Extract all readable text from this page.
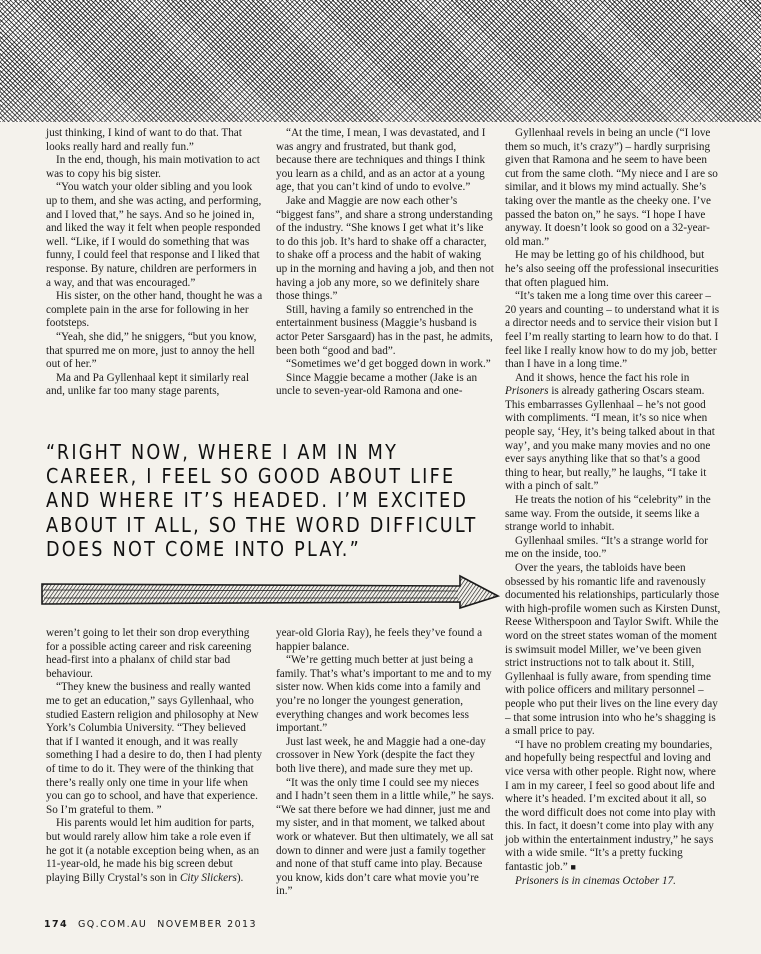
just thinking, I kind of want to do that. That looks really hard and really fun.”

In the end, though, his main motivation to act was to copy his big sister.

“You watch your older sibling and you look up to them, and she was acting, and performing, and I loved that,” he says. And so he joined in, and liked the way it felt when people responded well. “Like, if I would do something that was funny, I could feel that response and I liked that response. By nature, children are performers in a way, and that was encouraged.”

His sister, on the other hand, thought he was a complete pain in the arse for following in her footsteps.

“Yeah, she did,” he sniggers, “but you know, that spurred me on more, just to annoy the hell out of her.”

Ma and Pa Gyllenhaal kept it similarly real and, unlike far too many stage parents,

“At the time, I mean, I was devastated, and I was angry and frustrated, but thank god, because there are techniques and things I think you learn as a child, and as an actor at a young age, that you can’t kind of undo to evolve.”

Jake and Maggie are now each other’s “biggest fans”, and share a strong understanding of the industry. “She knows I get what it’s like to do this job. It’s hard to shake off a character, to shake off a process and the habit of waking up in the morning and having a job, and then not having a job any more, so we definitely share those things.”

Still, having a family so entrenched in the entertainment business (Maggie’s husband is actor Peter Sarsgaard) has in the past, he admits, been both “good and bad”.

“Sometimes we’d get bogged down in work.”

Since Maggie became a mother (Jake is an uncle to seven-year-old Ramona and one-

Gyllenhaal revels in being an uncle (“I love them so much, it’s crazy”) – hardly surprising given that Ramona and he seem to have been cut from the same cloth. “My niece and I are so similar, and it blows my mind actually. She’s taking over the mantle as the cheeky one. I’ve passed the baton on,” he says. “I hope I have anyway. It doesn’t look so good on a 32-year-old man.”

He may be letting go of his childhood, but he’s also seeing off the professional insecurities that often plagued him.

“It’s taken me a long time over this career – 20 years and counting – to understand what it is a director needs and to service their vision but I feel I’m really starting to learn how to do that. I feel like I really know how to do my job, better than I have in a long time.”

And it shows, hence the fact his role in Prisoners is already gathering Oscars steam. This embarrasses Gyllenhaal – he’s not good with compliments. “I mean, it’s so nice when people say, ‘Hey, it’s being talked about in that way’, and you make many movies and no one ever says anything like that so that’s a good thing to hear, but really,” he laughs, “I take it with a pinch of salt.”

He treats the notion of his “celebrity” in the same way. From the outside, it seems like a strange world to inhabit.

Gyllenhaal smiles. “It’s a strange world for me on the inside, too.”

Over the years, the tabloids have been obsessed by his romantic life and ravenously documented his relationships, particularly those with high-profile women such as Kirsten Dunst, Reese Witherspoon and Taylor Swift. While the word on the street states woman of the moment is swimsuit model Miller, we’ve been given strict instructions not to talk about it. Still, Gyllenhaal is fully aware, from spending time with police officers and military personnel – people who put their lives on the line every day – that some intrusion into who he’s shagging is a small price to pay.

“I have no problem creating my boundaries, and hopefully being respectful and loving and vice versa with other people. Right now, where I am in my career, I feel so good about life and where it’s headed. I’m excited about it all, so the word difficult does not come into play with this. In fact, it doesn’t come into play with any job within the entertainment industry,” he says with a wide smile. “It’s a pretty fucking fantastic job.” ■

Prisoners is in cinemas October 17.

“RIGHT NOW, WHERE I AM IN MY CAREER, I FEEL SO GOOD ABOUT LIFE AND WHERE IT’S HEADED. I’M EXCITED ABOUT IT ALL, SO THE WORD DIFFICULT DOES NOT COME INTO PLAY.”

weren’t going to let their son drop everything for a possible acting career and risk careening head-first into a phalanx of child star bad behaviour.

“They knew the business and really wanted me to get an education,” says Gyllenhaal, who studied Eastern religion and philosophy at New York’s Columbia University. “They believed that if I wanted it enough, and it was really something I had a desire to do, then I had plenty of time to do it. They were of the thinking that there’s really only one time in your life when you can go to school, and have that experience. So I’m grateful to them. ”

His parents would let him audition for parts, but would rarely allow him take a role even if he got it (a notable exception being when, as an 11-year-old, he made his big screen debut playing Billy Crystal’s son in City Slickers).

year-old Gloria Ray), he feels they’ve found a happier balance.

“We’re getting much better at just being a family. That’s what’s important to me and to my sister now. When kids come into a family and you’re no longer the youngest generation, everything changes and work becomes less important.”

Just last week, he and Maggie had a one-day crossover in New York (despite the fact they both live there), and made sure they met up.

“It was the only time I could see my nieces and I hadn’t seen them in a little while,” he says. “We sat there before we had dinner, just me and my sister, and in that moment, we talked about work or whatever. But then ultimately, we all sat down to dinner and were just a family together and none of that stuff came into play. Because you know, kids don’t care what movie you’re in.”

174 GQ.COM.AU NOVEMBER 2013
